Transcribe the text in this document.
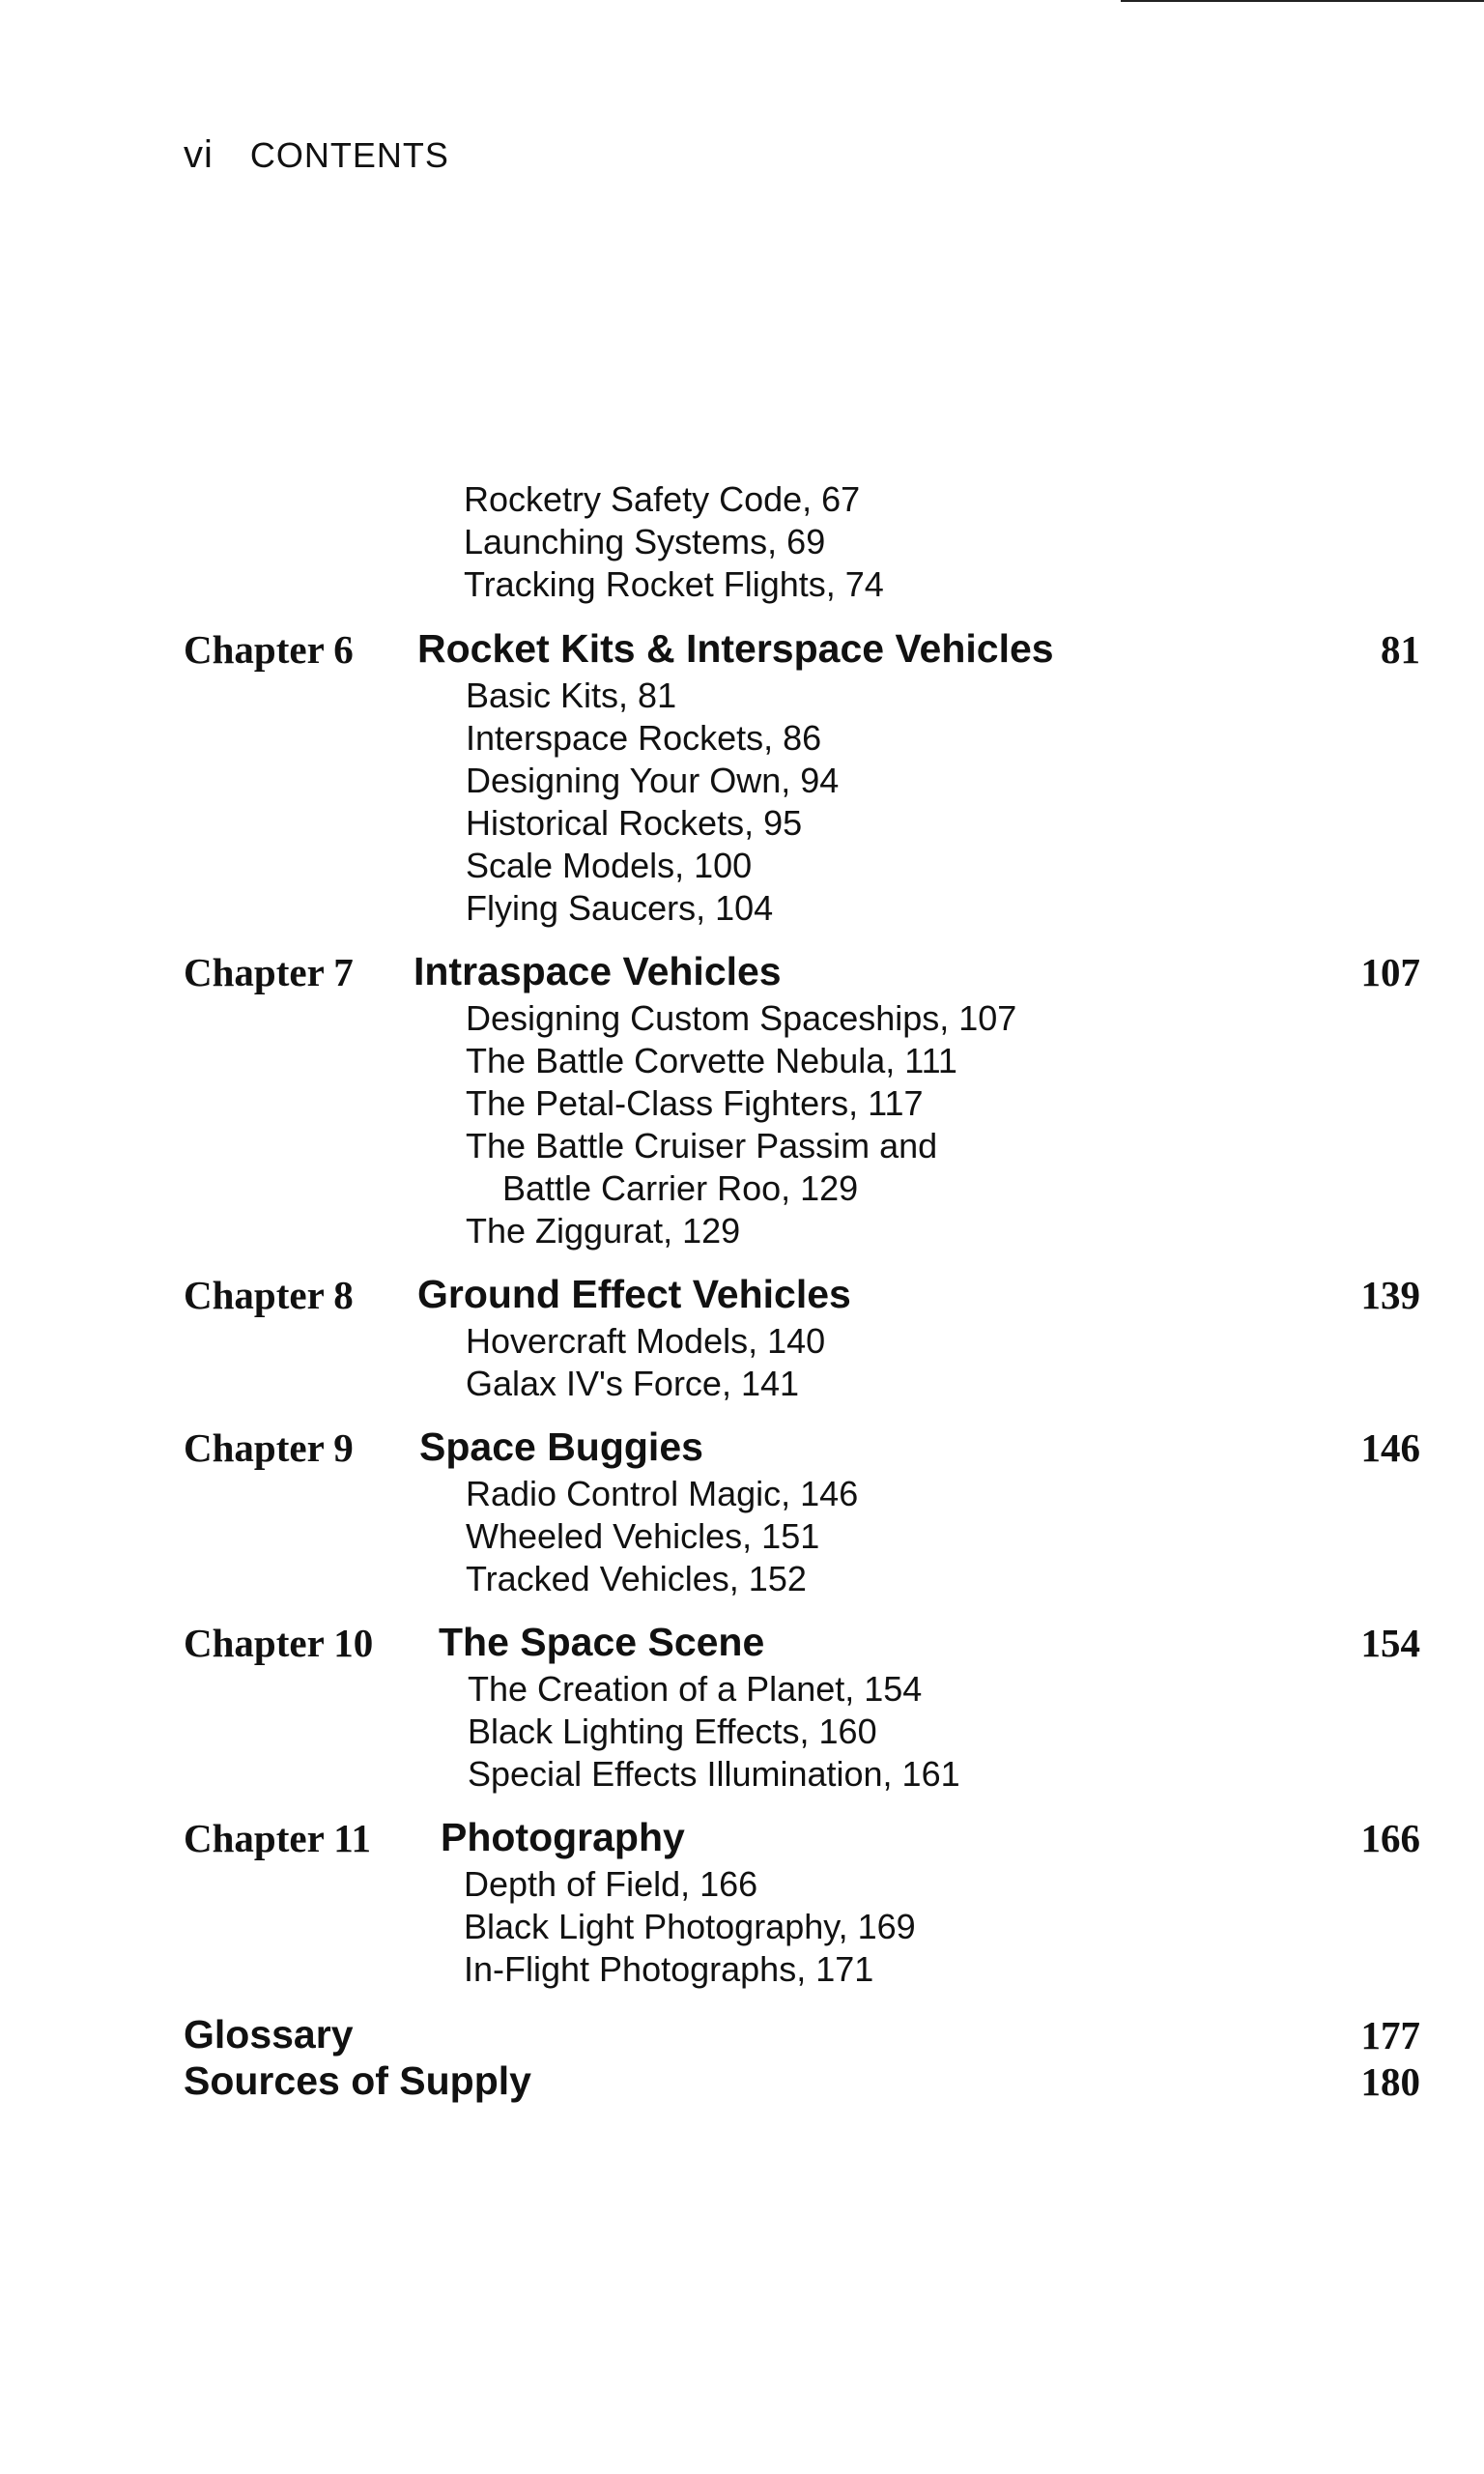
vi CONTENTS
Rocketry Safety Code, 67
Launching Systems, 69
Tracking Rocket Flights, 74
Chapter 6 Rocket Kits & Interspace Vehicles	81
Basic Kits, 81
Interspace Rockets, 86
Designing Your Own, 94
Historical Rockets, 95
Scale Models, 100
Flying Saucers, 104
Chapter 7 Intraspace Vehicles	107
Designing Custom Spaceships, 107
The Battle Corvette Nebula, 111
The Petal-Class Fighters, 117
The Battle Cruiser Passim and
Battle Carrier Roo, 129
The Ziggurat, 129
Chapter 8 Ground Effect Vehicles	139
Hovercraft Models, 140
Galax IV's Force, 141
Chapter 9 Space Buggies	146
Radio Control Magic, 146
Wheeled Vehicles, 151
Tracked Vehicles, 152
Chapter 10 The Space Scene	154
The Creation of a Planet, 154
Black Lighting Effects, 160
Special Effects Illumination, 161
Chapter 11 Photography	166
Depth of Field, 166
Black Light Photography, 169
In-Flight Photographs, 171
Glossary	177
Sources of Supply	180
